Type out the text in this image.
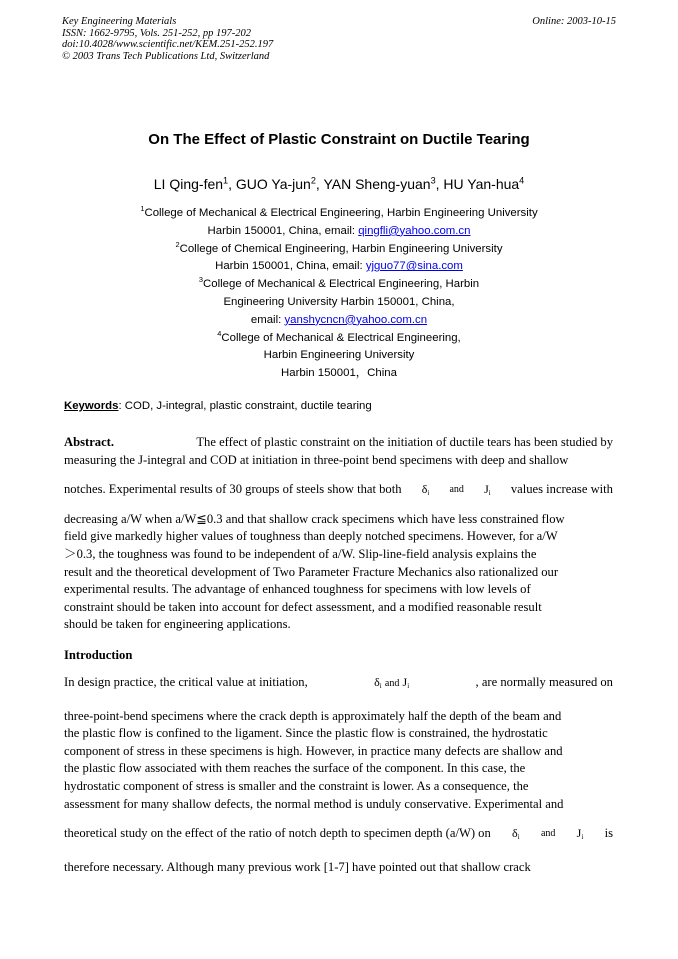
Key Engineering Materials
ISSN: 1662-9795, Vols. 251-252, pp 197-202
doi:10.4028/www.scientific.net/KEM.251-252.197
© 2003 Trans Tech Publications Ltd, Switzerland
Online: 2003-10-15
On The Effect of Plastic Constraint on Ductile Tearing
LI Qing-fen$^1$, GUO Ya-jun$^2$, YAN Sheng-yuan$^3$, HU Yan-hua$^4$
$^1$College of Mechanical & Electrical Engineering, Harbin Engineering University
Harbin 150001, China, email: qingfli@yahoo.com.cn
$^2$College of Chemical Engineering, Harbin Engineering University
Harbin 150001, China, email: yjguo77@sina.com
$^3$College of Mechanical & Electrical Engineering, Harbin
Engineering University Harbin 150001, China,
email: yanshycncn@yahoo.com.cn
$^4$College of Mechanical & Electrical Engineering,
Harbin Engineering University
Harbin 150001，China
Keywords: COD, J-integral, plastic constraint, ductile tearing
Abstract.
	The effect of plastic constraint on the initiation of ductile tears has been studied by
measuring the J-integral and COD at initiation in three-point bend specimens with deep and shallow
notches. Experimental results of 30 groups of steels show that both $\delta_i$ and $J_i$ values increase with
decreasing a/W when a/W≦0.3 and that shallow crack specimens which have less constrained flow
field give markedly higher values of toughness than deeply notched specimens. However, for a/W
＞0.3, the toughness was found to be independent of a/W. Slip-line-field analysis explains the
result and the theoretical development of Two Parameter Fracture Mechanics also rationalized our
experimental results. The advantage of enhanced toughness for specimens with low levels of
constraint should be taken into account for defect assessment, and a modified reasonable result
should be taken for engineering applications.
Introduction
In design practice, the critical value at initiation,	$\delta_i$ and $J_i$	, are normally measured on
three-point-bend specimens where the crack depth is approximately half the depth of the beam and
the plastic flow is confined to the ligament. Since the plastic flow is constrained, the hydrostatic
component of stress in these specimens is high. However, in practice many defects are shallow and
the plastic flow associated with them reaches the surface of the component. In this case, the
hydrostatic component of stress is smaller and the constraint is lower. As a consequence, the
assessment for many shallow defects, the normal method is unduly conservative. Experimental and
theoretical study on the effect of the ratio of notch depth to specimen depth (a/W) on $\delta_i$ and $J_i$ is
therefore necessary. Although many previous work [1-7] have pointed out that shallow crack
